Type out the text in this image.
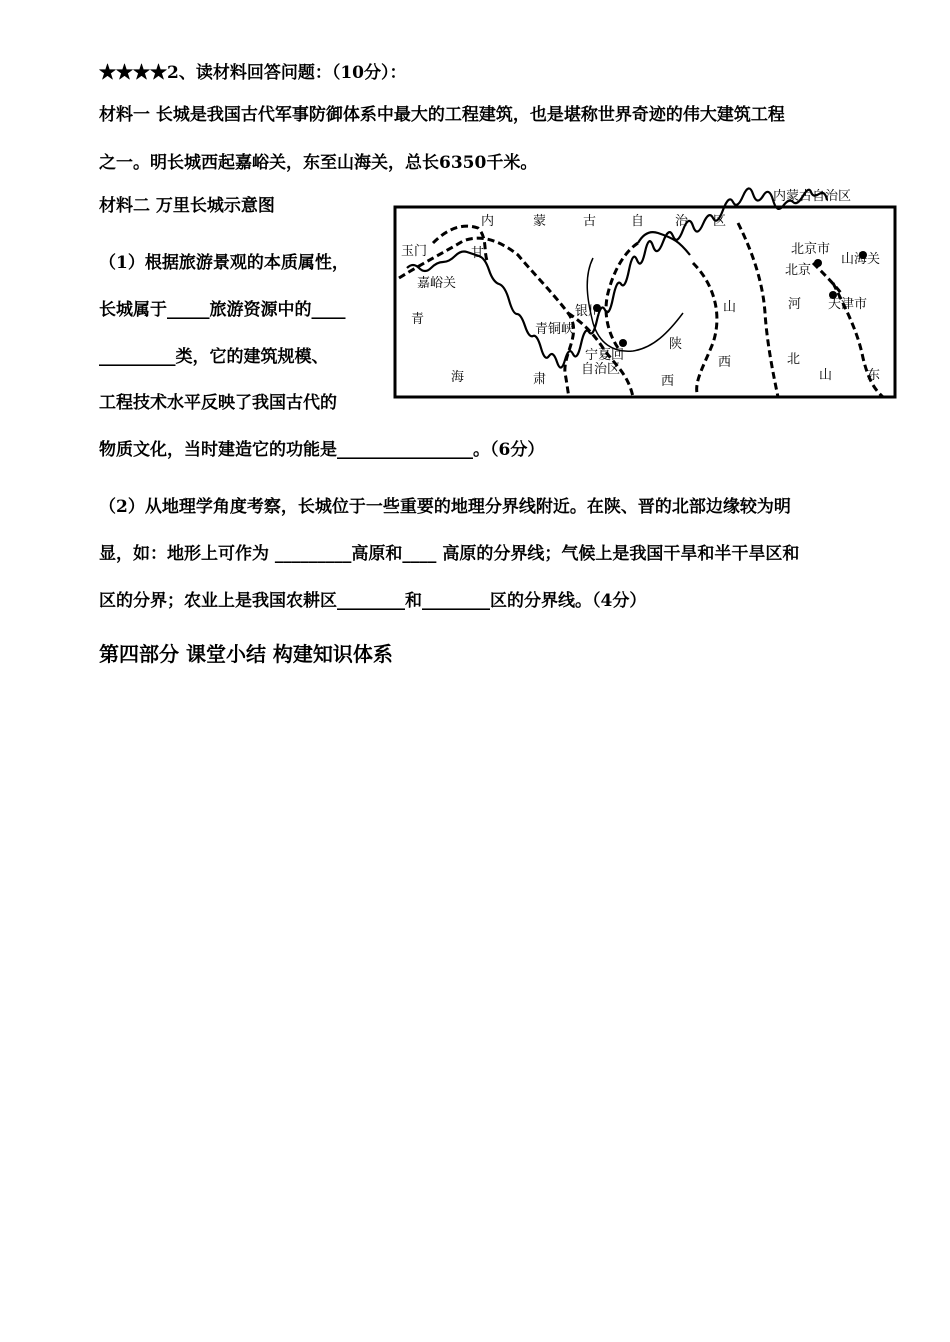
★★★★2、读材料回答问题：（10分）：
材料一 长城是我国古代军事防御体系中最大的工程建筑，也是堪称世界奇迹的伟大建筑工程
之一。明长城西起嘉峪关，东至山海关，总长6350千米。
材料二 万里长城示意图
（1）根据旅游景观的本质属性，
长城属于_____旅游资源中的____
_________类，它的建筑规模、
工程技术水平反映了我国古代的
物质文化，当时建造它的功能是________________。（6分）
（2）从地理学角度考察，长城位于一些重要的地理分界线附近。在陕、晋的北部边缘较为明
显，如：地形上可作为 _________高原和____ 高原的分界线；气候上是我国干旱和半干旱区和
区的分界；农业上是我国农耕区________和________区的分界线。（4分）
内蒙古自治区
内	蒙	古	自 治 区
玉门
嘉峪关
甘
银川
青铜峡
宁夏回
自治区
北京市
北京
山海关
天津市
青
海	肃
陕
西
山
西
河
北
山	东
第四部分 课堂小结 构建知识体系
